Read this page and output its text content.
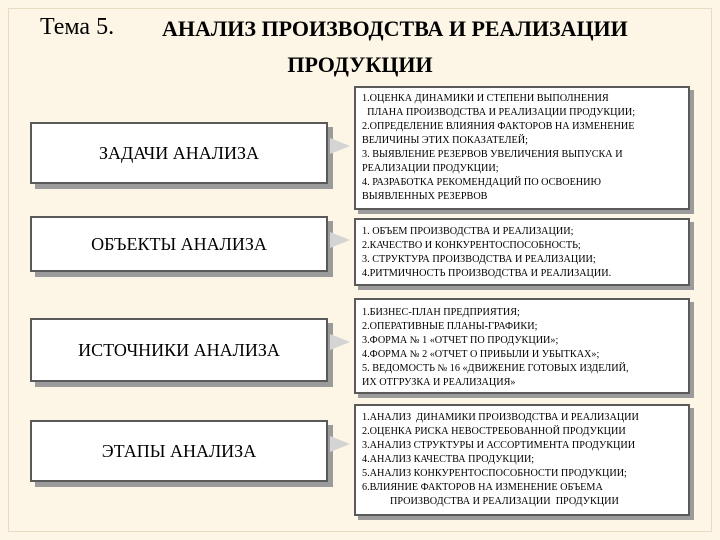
Тема 5. АНАЛИЗ ПРОИЗВОДСТВА И РЕАЛИЗАЦИИ
ПРОДУКЦИИ
ЗАДАЧИ АНАЛИЗА
1.ОЦЕНКА ДИНАМИКИ И СТЕПЕНИ ВЫПОЛНЕНИЯ
ПЛАНА ПРОИЗВОДСТВА И РЕАЛИЗАЦИИ ПРОДУКЦИИ;
2.ОПРЕДЕЛЕНИЕ ВЛИЯНИЯ ФАКТОРОВ НА ИЗМЕНЕНИЕ
ВЕЛИЧИНЫ ЭТИХ ПОКАЗАТЕЛЕЙ;
3. ВЫЯВЛЕНИЕ РЕЗЕРВОВ УВЕЛИЧЕНИЯ ВЫПУСКА И
РЕАЛИЗАЦИИ ПРОДУКЦИИ;
4. РАЗРАБОТКА РЕКОМЕНДАЦИЙ ПО ОСВОЕНИЮ
ВЫЯВЛЕННЫХ РЕЗЕРВОВ
ОБЪЕКТЫ АНАЛИЗА
1. ОБЪЕМ ПРОИЗВОДСТВА И РЕАЛИЗАЦИИ;
2.КАЧЕСТВО И КОНКУРЕНТОСПОСОБНОСТЬ;
3. СТРУКТУРА ПРОИЗВОДСТВА И РЕАЛИЗАЦИИ;
4.РИТМИЧНОСТЬ ПРОИЗВОДСТВА И РЕАЛИЗАЦИИ.
ИСТОЧНИКИ АНАЛИЗА
1.БИЗНЕС-ПЛАН ПРЕДПРИЯТИЯ;
2.ОПЕРАТИВНЫЕ ПЛАНЫ-ГРАФИКИ;
3.ФОРМА № 1 «ОТЧЕТ ПО ПРОДУКЦИИ»;
4.ФОРМА № 2 «ОТЧЕТ О ПРИБЫЛИ И УБЫТКАХ»;
5. ВЕДОМОСТЬ № 16 «ДВИЖЕНИЕ ГОТОВЫХ ИЗДЕЛИЙ,
ИХ ОТГРУЗКА И РЕАЛИЗАЦИЯ»
ЭТАПЫ АНАЛИЗА
1.АНАЛИЗ  ДИНАМИКИ ПРОИЗВОДСТВА И РЕАЛИЗАЦИИ
2.ОЦЕНКА РИСКА НЕВОСТРЕБОВАННОЙ ПРОДУКЦИИ
3.АНАЛИЗ СТРУКТУРЫ И АССОРТИМЕНТА ПРОДУКЦИИ
4.АНАЛИЗ КАЧЕСТВА ПРОДУКЦИИ;
5.АНАЛИЗ КОНКУРЕНТОСПОСОБНОСТИ ПРОДУКЦИИ;
6.ВЛИЯНИЕ ФАКТОРОВ НА ИЗМЕНЕНИЕ ОБЪЕМА
ПРОИЗВОДСТВА И РЕАЛИЗАЦИИ  ПРОДУКЦИИ
